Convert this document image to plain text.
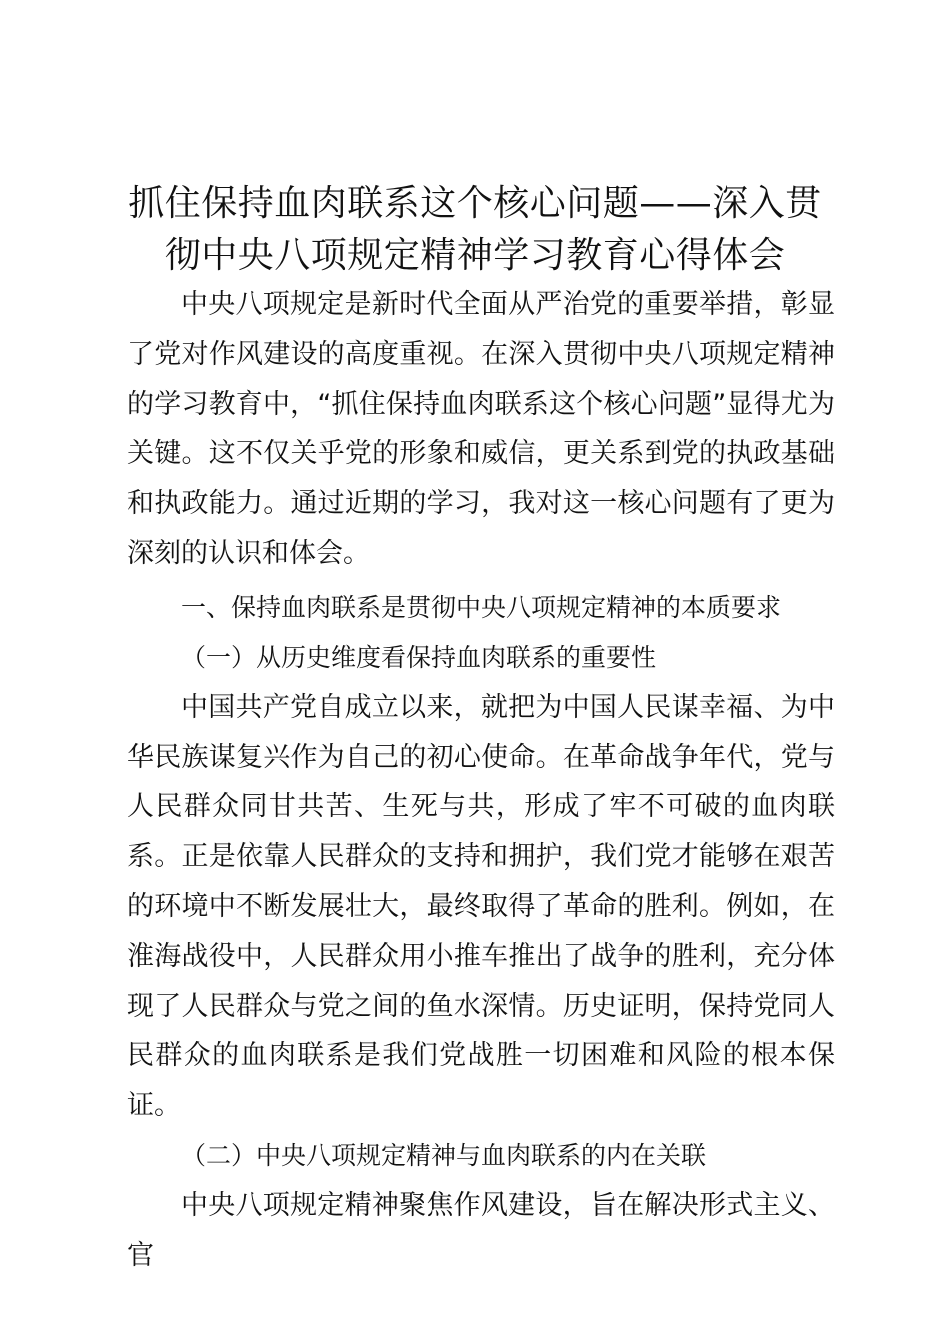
抓住保持血肉联系这个核心问题——深入贯
彻中央八项规定精神学习教育心得体会

中央八项规定是新时代全面从严治党的重要举措，彰显了党对作风建设的高度重视。在深入贯彻中央八项规定精神的学习教育中，“抓住保持血肉联系这个核心问题”显得尤为关键。这不仅关乎党的形象和威信，更关系到党的执政基础和执政能力。通过近期的学习，我对这一核心问题有了更为深刻的认识和体会。

一、保持血肉联系是贯彻中央八项规定精神的本质要求

（一）从历史维度看保持血肉联系的重要性

中国共产党自成立以来，就把为中国人民谋幸福、为中华民族谋复兴作为自己的初心使命。在革命战争年代，党与人民群众同甘共苦、生死与共，形成了牢不可破的血肉联系。正是依靠人民群众的支持和拥护，我们党才能够在艰苦的环境中不断发展壮大，最终取得了革命的胜利。例如，在淮海战役中，人民群众用小推车推出了战争的胜利，充分体现了人民群众与党之间的鱼水深情。历史证明，保持党同人民群众的血肉联系是我们党战胜一切困难和风险的根本保证。

（二）中央八项规定精神与血肉联系的内在关联

中央八项规定精神聚焦作风建设，旨在解决形式主义、官
